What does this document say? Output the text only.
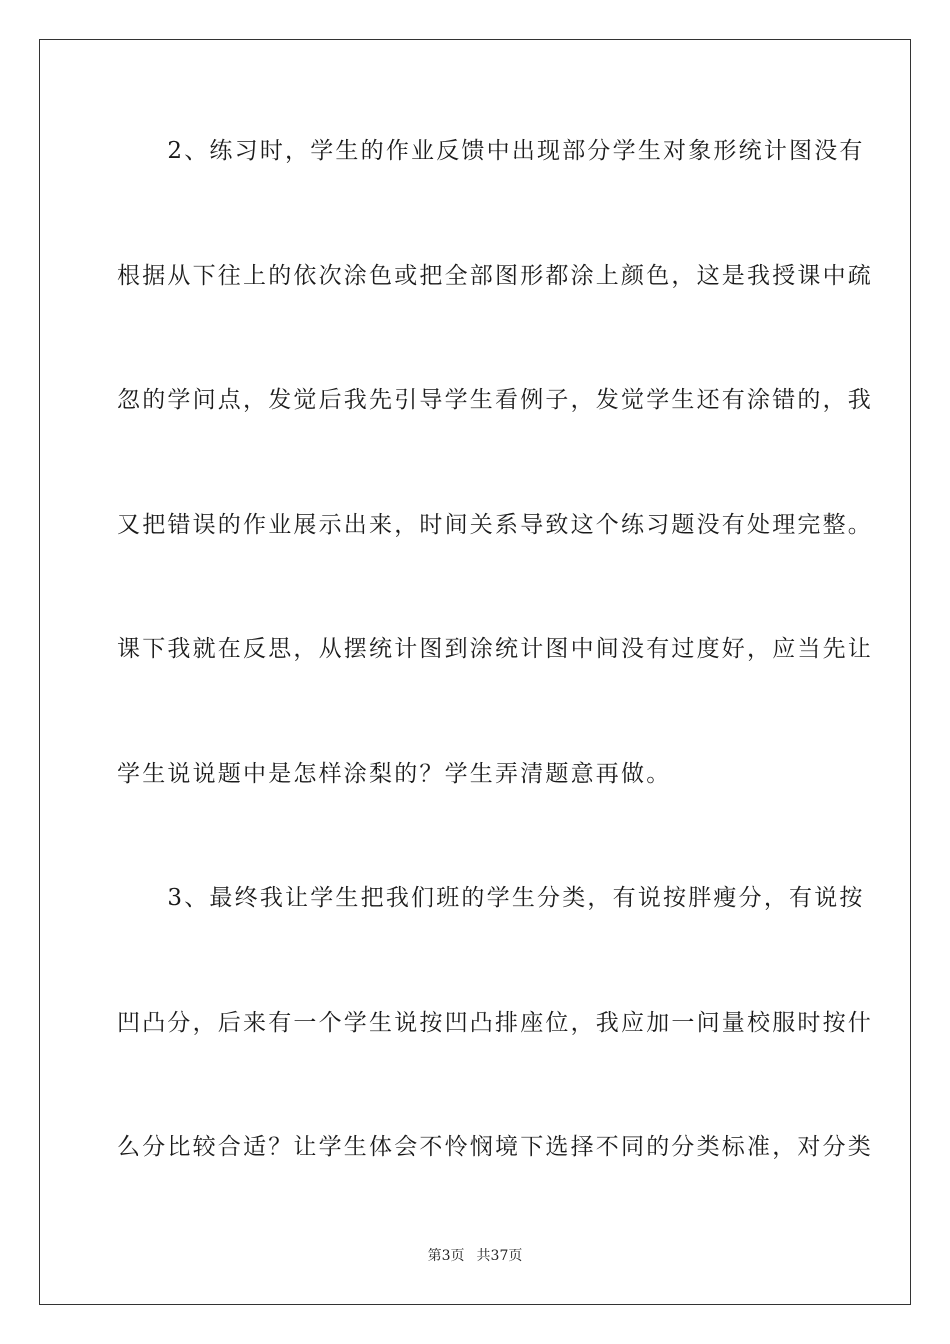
　　2、练习时，学生的作业反馈中出现部分学生对象形统计图没有
根据从下往上的依次涂色或把全部图形都涂上颜色，这是我授课中疏
忽的学问点，发觉后我先引导学生看例子，发觉学生还有涂错的，我
又把错误的作业展示出来，时间关系导致这个练习题没有处理完整。
课下我就在反思，从摆统计图到涂统计图中间没有过度好，应当先让
学生说说题中是怎样涂梨的？学生弄清题意再做。
　　3、最终我让学生把我们班的学生分类，有说按胖瘦分，有说按
凹凸分，后来有一个学生说按凹凸排座位，我应加一问量校服时按什
么分比较合适？让学生体会不怜悯境下选择不同的分类标准，对分类
第3页 共37页
